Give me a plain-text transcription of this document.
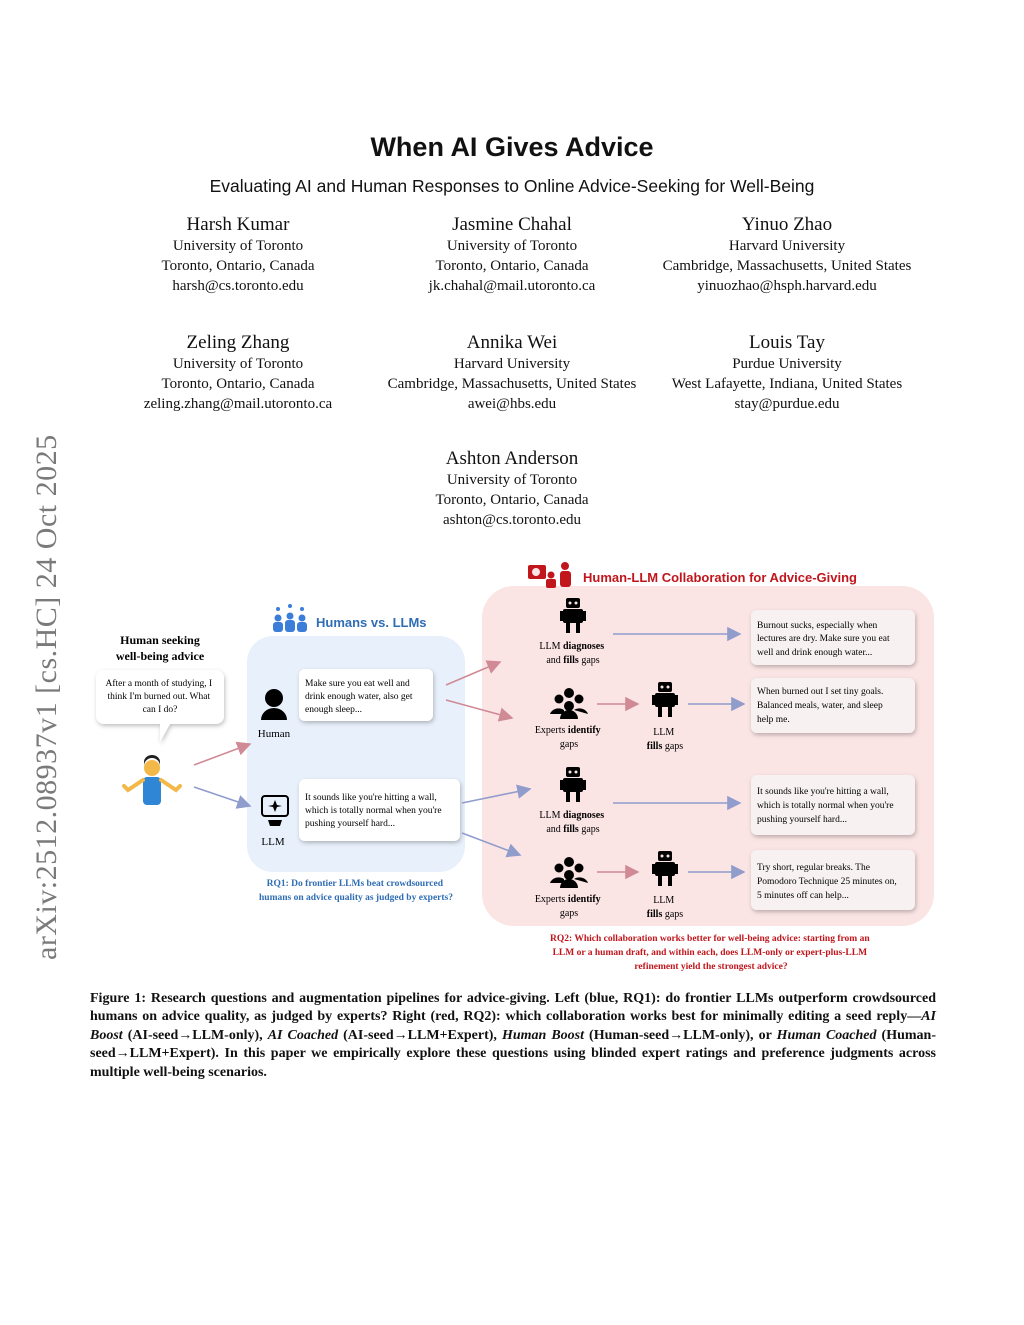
arXiv:2512.08937v1 [cs.HC] 24 Oct 2025
When AI Gives Advice
Evaluating AI and Human Responses to Online Advice-Seeking for Well-Being
Harsh Kumar
University of Toronto
Toronto, Ontario, Canada
harsh@cs.toronto.edu
Jasmine Chahal
University of Toronto
Toronto, Ontario, Canada
jk.chahal@mail.utoronto.ca
Yinuo Zhao
Harvard University
Cambridge, Massachusetts, United States
yinuozhao@hsph.harvard.edu
Zeling Zhang
University of Toronto
Toronto, Ontario, Canada
zeling.zhang@mail.utoronto.ca
Annika Wei
Harvard University
Cambridge, Massachusetts, United States
awei@hbs.edu
Louis Tay
Purdue University
West Lafayette, Indiana, United States
stay@purdue.edu
Ashton Anderson
University of Toronto
Toronto, Ontario, Canada
ashton@cs.toronto.edu
Humans vs. LLMs
Human-LLM Collaboration for Advice-Giving
Human seeking
well-being advice
After a month of studying, I think I'm burned out. What can I do?
Human
LLM
Make sure you eat well and drink enough water, also get enough sleep...
It sounds like you're hitting a wall, which is totally normal when you're pushing yourself hard...
RQ1: Do frontier LLMs beat crowdsourced humans on advice quality as judged by experts?
LLM diagnoses and fills gaps
Experts identify gaps
LLM fills gaps
LLM diagnoses and fills gaps
Experts identify gaps
LLM fills gaps
Burnout sucks, especially when lectures are dry. Make sure you eat well and drink enough water...
When burned out I set tiny goals. Balanced meals, water, and sleep help me.
It sounds like you're hitting a wall, which is totally normal when you're pushing yourself hard...
Try short, regular breaks. The Pomodoro Technique 25 minutes on, 5 minutes off can help...
RQ2: Which collaboration works better for well-being advice: starting from an LLM or a human draft, and within each, does LLM-only or expert-plus-LLM refinement yield the strongest advice?
Figure 1: Research questions and augmentation pipelines for advice-giving. Left (blue, RQ1): do frontier LLMs outperform crowdsourced humans on advice quality, as judged by experts? Right (red, RQ2): which collaboration works best for minimally editing a seed reply—AI Boost (AI-seed→LLM-only), AI Coached (AI-seed→LLM+Expert), Human Boost (Human-seed→LLM-only), or Human Coached (Human-seed→LLM+Expert). In this paper we empirically explore these questions using blinded expert ratings and preference judgments across multiple well-being scenarios.
